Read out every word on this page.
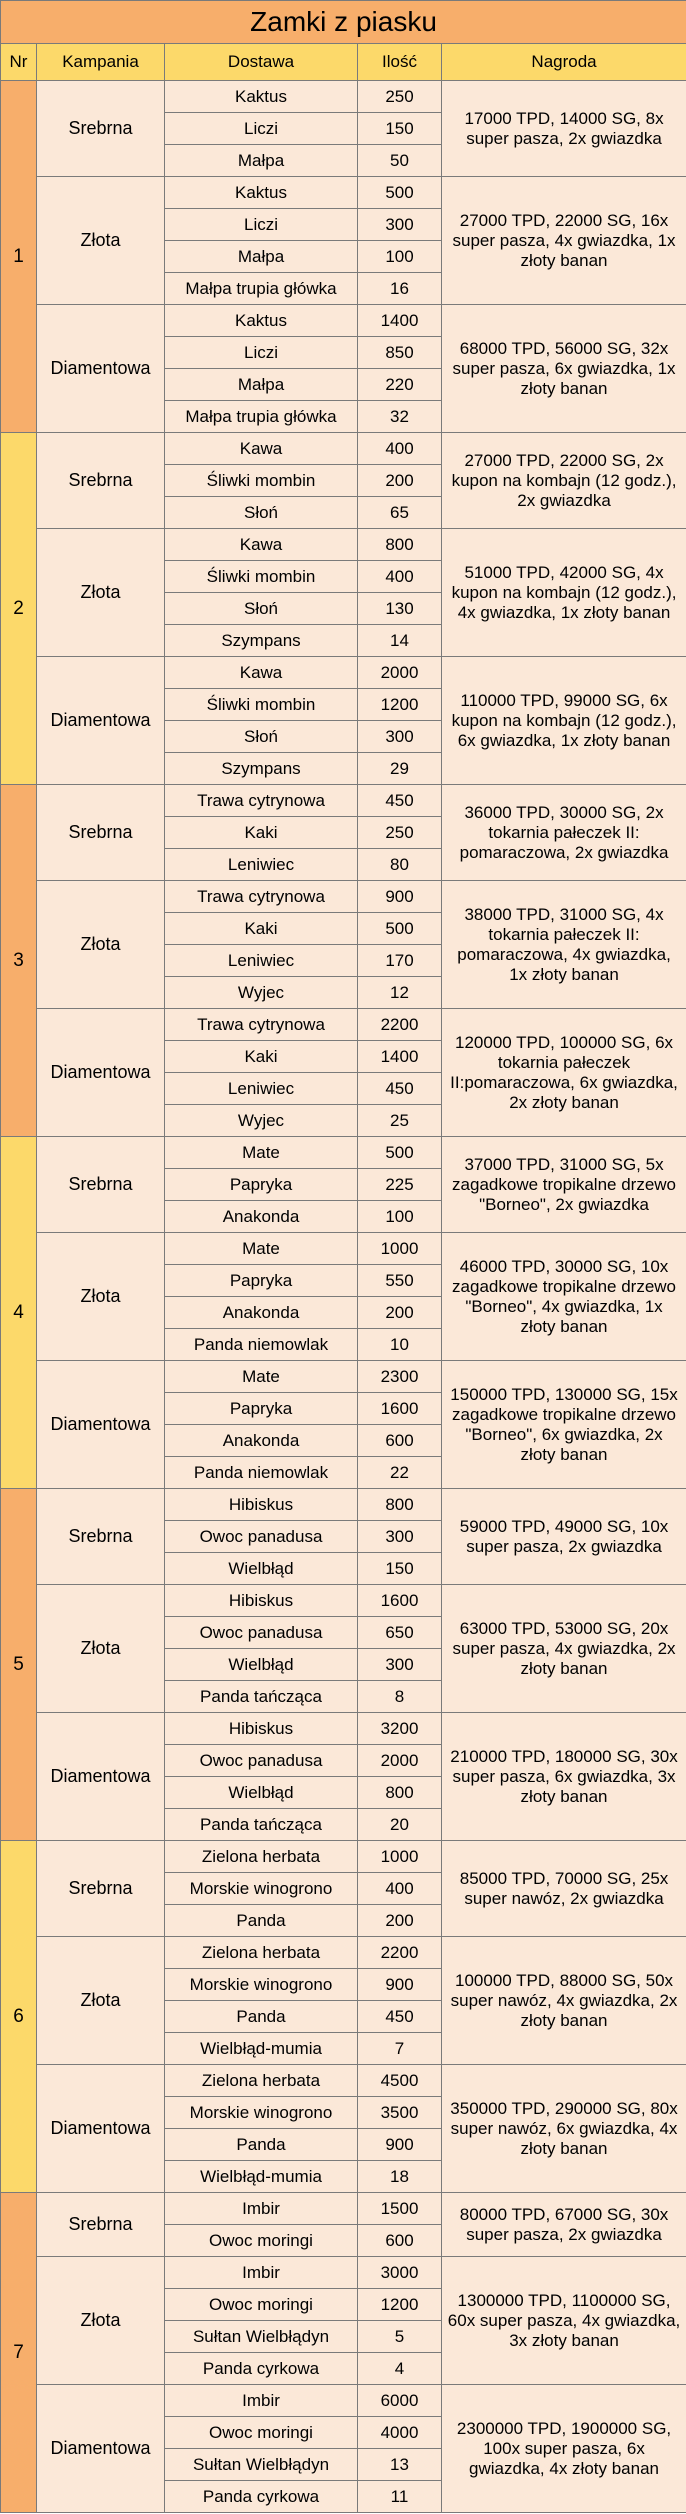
Zamki z piasku				
Nr	Kampania	Dostawa	Ilość	Nagroda
1	Srebrna	Kaktus	250	17000 TPD, 14000 SG, 8x super pasza, 2x gwiazdka
		Liczi	150	
		Małpa	50	
	Złota	Kaktus	500	27000 TPD, 22000 SG, 16x super pasza, 4x gwiazdka, 1x złoty banan
		Liczi	300	
		Małpa	100	
		Małpa trupia główka	16	
	Diamentowa	Kaktus	1400	68000 TPD, 56000 SG, 32x super pasza, 6x gwiazdka, 1x złoty banan
		Liczi	850	
		Małpa	220	
		Małpa trupia główka	32	
2	Srebrna	Kawa	400	27000 TPD, 22000 SG, 2x kupon na kombajn (12 godz.), 2x gwiazdka
		Śliwki mombin	200	
		Słoń	65	
	Złota	Kawa	800	51000 TPD, 42000 SG, 4x kupon na kombajn (12 godz.), 4x gwiazdka, 1x złoty banan
		Śliwki mombin	400	
		Słoń	130	
		Szympans	14	
	Diamentowa	Kawa	2000	110000 TPD, 99000 SG, 6x kupon na kombajn (12 godz.), 6x gwiazdka, 1x złoty banan
		Śliwki mombin	1200	
		Słoń	300	
		Szympans	29	
3	Srebrna	Trawa cytrynowa	450	36000 TPD, 30000 SG, 2x tokarnia pałeczek II: pomaraczowa, 2x gwiazdka
		Kaki	250	
		Leniwiec	80	
	Złota	Trawa cytrynowa	900	38000 TPD, 31000 SG, 4x tokarnia pałeczek II: pomaraczowa, 4x gwiazdka, 1x złoty banan
		Kaki	500	
		Leniwiec	170	
		Wyjec	12	
	Diamentowa	Trawa cytrynowa	2200	120000 TPD, 100000 SG, 6x tokarnia pałeczek II:pomaraczowa, 6x gwiazdka, 2x złoty banan
		Kaki	1400	
		Leniwiec	450	
		Wyjec	25	
4	Srebrna	Mate	500	37000 TPD, 31000 SG, 5x zagadkowe tropikalne drzewo "Borneo", 2x gwiazdka
		Papryka	225	
		Anakonda	100	
	Złota	Mate	1000	46000 TPD, 30000 SG, 10x zagadkowe tropikalne drzewo "Borneo", 4x gwiazdka, 1x złoty banan
		Papryka	550	
		Anakonda	200	
		Panda niemowlak	10	
	Diamentowa	Mate	2300	150000 TPD, 130000 SG, 15x zagadkowe tropikalne drzewo "Borneo", 6x gwiazdka, 2x złoty banan
		Papryka	1600	
		Anakonda	600	
		Panda niemowlak	22	
5	Srebrna	Hibiskus	800	59000 TPD, 49000 SG, 10x super pasza, 2x gwiazdka
		Owoc panadusa	300	
		Wielbłąd	150	
	Złota	Hibiskus	1600	63000 TPD, 53000 SG, 20x super pasza, 4x gwiazdka, 2x złoty banan
		Owoc panadusa	650	
		Wielbłąd	300	
		Panda tańcząca	8	
	Diamentowa	Hibiskus	3200	210000 TPD, 180000 SG, 30x super pasza, 6x gwiazdka, 3x złoty banan
		Owoc panadusa	2000	
		Wielbłąd	800	
		Panda tańcząca	20	
6	Srebrna	Zielona herbata	1000	85000 TPD, 70000 SG, 25x super nawóz, 2x gwiazdka
		Morskie winogrono	400	
		Panda	200	
	Złota	Zielona herbata	2200	100000 TPD, 88000 SG, 50x super nawóz, 4x gwiazdka, 2x złoty banan
		Morskie winogrono	900	
		Panda	450	
		Wielbłąd-mumia	7	
	Diamentowa	Zielona herbata	4500	350000 TPD, 290000 SG, 80x super nawóz, 6x gwiazdka, 4x złoty banan
		Morskie winogrono	3500	
		Panda	900	
		Wielbłąd-mumia	18	
7	Srebrna	Imbir	1500	80000 TPD, 67000 SG, 30x super pasza, 2x gwiazdka
		Owoc moringi	600	
	Złota	Imbir	3000	1300000 TPD, 1100000 SG, 60x super pasza, 4x gwiazdka, 3x złoty banan
		Owoc moringi	1200	
		Sułtan Wielbłądyn	5	
		Panda cyrkowa	4	
	Diamentowa	Imbir	6000	2300000 TPD, 1900000 SG, 100x super pasza, 6x gwiazdka, 4x złoty banan
		Owoc moringi	4000	
		Sułtan Wielbłądyn	13	
		Panda cyrkowa	11	
